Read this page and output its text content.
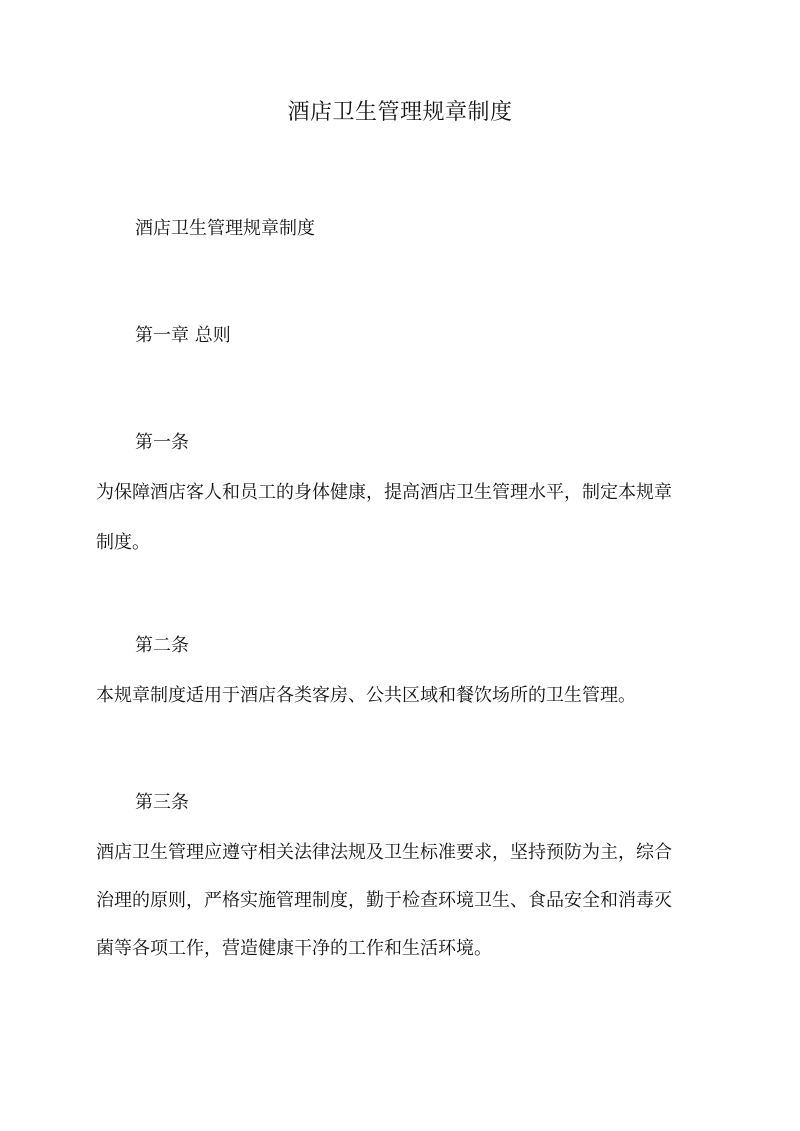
酒店卫生管理规章制度
酒店卫生管理规章制度
第一章 总则
第一条
为保障酒店客人和员工的身体健康，提高酒店卫生管理水平，制定本规章
制度。
第二条
本规章制度适用于酒店各类客房、公共区域和餐饮场所的卫生管理。
第三条
酒店卫生管理应遵守相关法律法规及卫生标准要求，坚持预防为主，综合
治理的原则，严格实施管理制度，勤于检查环境卫生、食品安全和消毒灭
菌等各项工作，营造健康干净的工作和生活环境。
